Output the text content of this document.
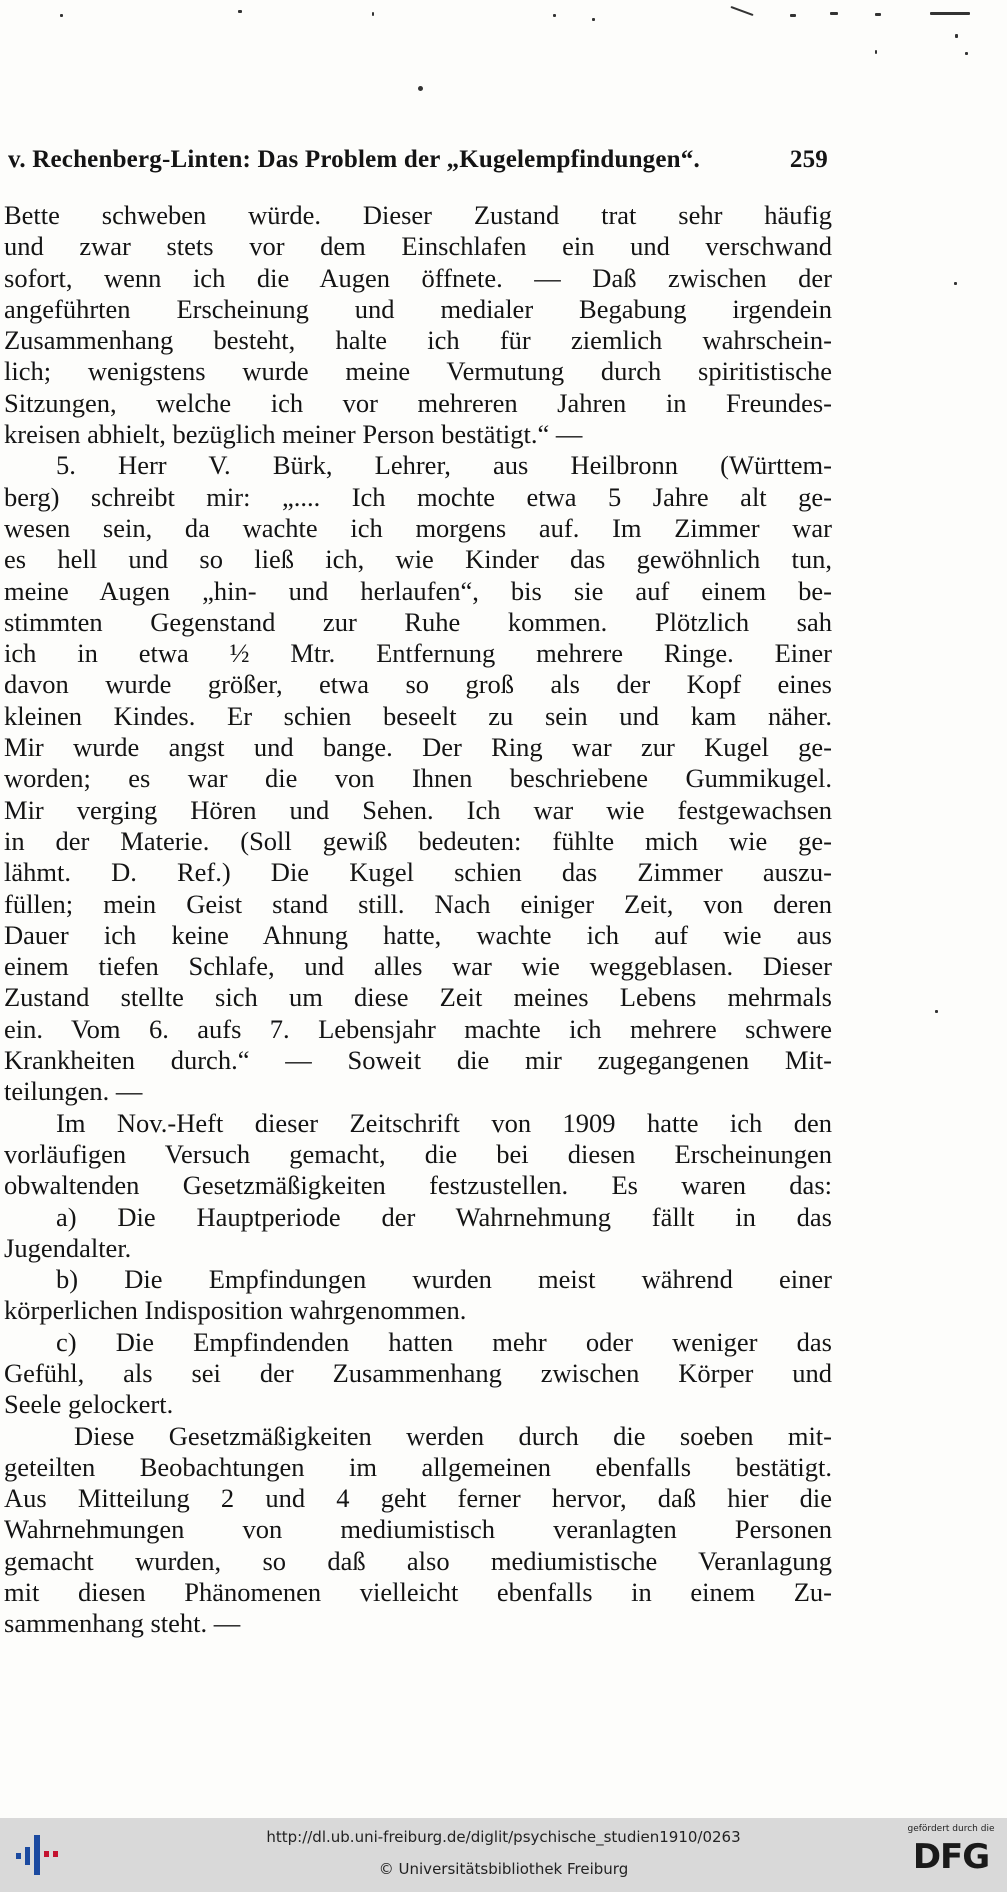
v. Rechenberg-Linten: Das Problem der „Kugelempfindungen“.	259
Bette schweben würde. Dieser Zustand trat sehr häufig
und zwar stets vor dem Einschlafen ein und verschwand
sofort, wenn ich die Augen öffnete. — Daß zwischen der
angeführten Erscheinung und medialer Begabung irgendein
Zusammenhang besteht, halte ich für ziemlich wahrschein-
lich; wenigstens wurde meine Vermutung durch spiritistische
Sitzungen, welche ich vor mehreren Jahren in Freundes-
kreisen abhielt, bezüglich meiner Person bestätigt.“ —
5. Herr V. Bürk, Lehrer, aus Heilbronn (Württem-
berg) schreibt mir: „.... Ich mochte etwa 5 Jahre alt ge-
wesen sein, da wachte ich morgens auf. Im Zimmer war
es hell und so ließ ich, wie Kinder das gewöhnlich tun,
meine Augen „hin- und herlaufen“, bis sie auf einem be-
stimmten Gegenstand zur Ruhe kommen. Plötzlich sah
ich in etwa ½ Mtr. Entfernung mehrere Ringe. Einer
davon wurde größer, etwa so groß als der Kopf eines
kleinen Kindes. Er schien beseelt zu sein und kam näher.
Mir wurde angst und bange. Der Ring war zur Kugel ge-
worden; es war die von Ihnen beschriebene Gummikugel.
Mir verging Hören und Sehen. Ich war wie festgewachsen
in der Materie. (Soll gewiß bedeuten: fühlte mich wie ge-
lähmt. D. Ref.) Die Kugel schien das Zimmer auszu-
füllen; mein Geist stand still. Nach einiger Zeit, von deren
Dauer ich keine Ahnung hatte, wachte ich auf wie aus
einem tiefen Schlafe, und alles war wie weggeblasen. Dieser
Zustand stellte sich um diese Zeit meines Lebens mehrmals
ein. Vom 6. aufs 7. Lebensjahr machte ich mehrere schwere
Krankheiten durch.“ — Soweit die mir zugegangenen Mit-
teilungen. —
Im Nov.-Heft dieser Zeitschrift von 1909 hatte ich den
vorläufigen Versuch gemacht, die bei diesen Erscheinungen
obwaltenden Gesetzmäßigkeiten festzustellen. Es waren das:
a) Die Hauptperiode der Wahrnehmung fällt in das
Jugendalter.
b) Die Empfindungen wurden meist während einer
körperlichen Indisposition wahrgenommen.
c) Die Empfindenden hatten mehr oder weniger das
Gefühl, als sei der Zusammenhang zwischen Körper und
Seele gelockert.
Diese Gesetzmäßigkeiten werden durch die soeben mit-
geteilten Beobachtungen im allgemeinen ebenfalls bestätigt.
Aus Mitteilung 2 und 4 geht ferner hervor, daß hier die
Wahrnehmungen von mediumistisch veranlagten Personen
gemacht wurden, so daß also mediumistische Veranlagung
mit diesen Phänomenen vielleicht ebenfalls in einem Zu-
sammenhang steht. —
http://dl.ub.uni-freiburg.de/diglit/psychische_studien1910/0263
© Universitätsbibliothek Freiburg
gefördert durch die
DFG
